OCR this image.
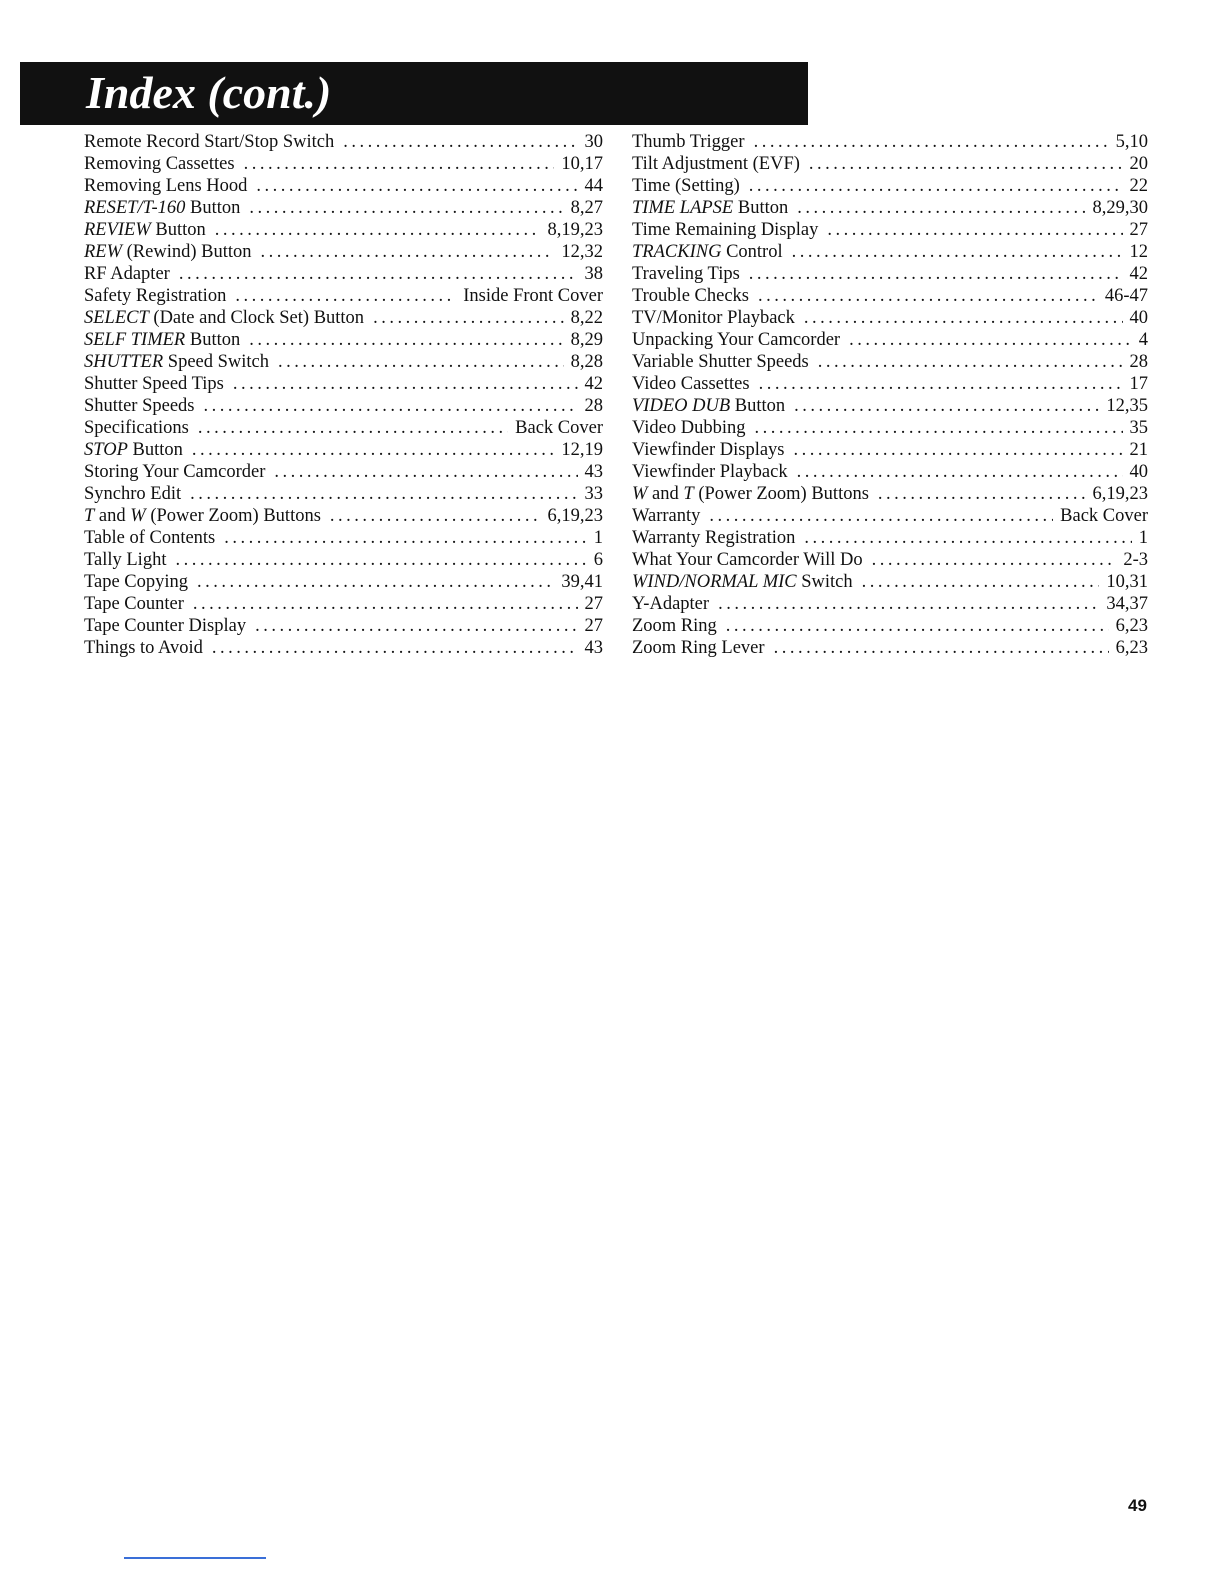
Index (cont.)
Remote Record Start/Stop Switch .....	30
Removing Cassettes .....	10,17
Removing Lens Hood .....	44
RESET/T-160 Button .....	8,27
REVIEW Button .....	8,19,23
REW (Rewind) Button .....	12,32
RF Adapter .....	38
Safety Registration .....	Inside Front Cover
SELECT (Date and Clock Set) Button .....	8,22
SELF TIMER Button .....	8,29
SHUTTER Speed Switch .....	8,28
Shutter Speed Tips .....	42
Shutter Speeds .....	28
Specifications .....	Back Cover
STOP Button .....	12,19
Storing Your Camcorder .....	43
Synchro Edit .....	33
T and W (Power Zoom) Buttons .....	6,19,23
Table of Contents .....	1
Tally Light .....	6
Tape Copying .....	39,41
Tape Counter .....	27
Tape Counter Display .....	27
Things to Avoid .....	43
Thumb Trigger .....	5,10
Tilt Adjustment (EVF) .....	20
Time (Setting) .....	22
TIME LAPSE Button .....	8,29,30
Time Remaining Display .....	27
TRACKING Control .....	12
Traveling Tips .....	42
Trouble Checks .....	46-47
TV/Monitor Playback .....	40
Unpacking Your Camcorder .....	4
Variable Shutter Speeds .....	28
Video Cassettes .....	17
VIDEO DUB Button .....	12,35
Video Dubbing .....	35
Viewfinder Displays .....	21
Viewfinder Playback .....	40
W and T (Power Zoom) Buttons .....	6,19,23
Warranty .....	Back Cover
Warranty Registration .....	1
What Your Camcorder Will Do .....	2-3
WIND/NORMAL MIC Switch .....	10,31
Y-Adapter .....	34,37
Zoom Ring .....	6,23
Zoom Ring Lever .....	6,23
49
